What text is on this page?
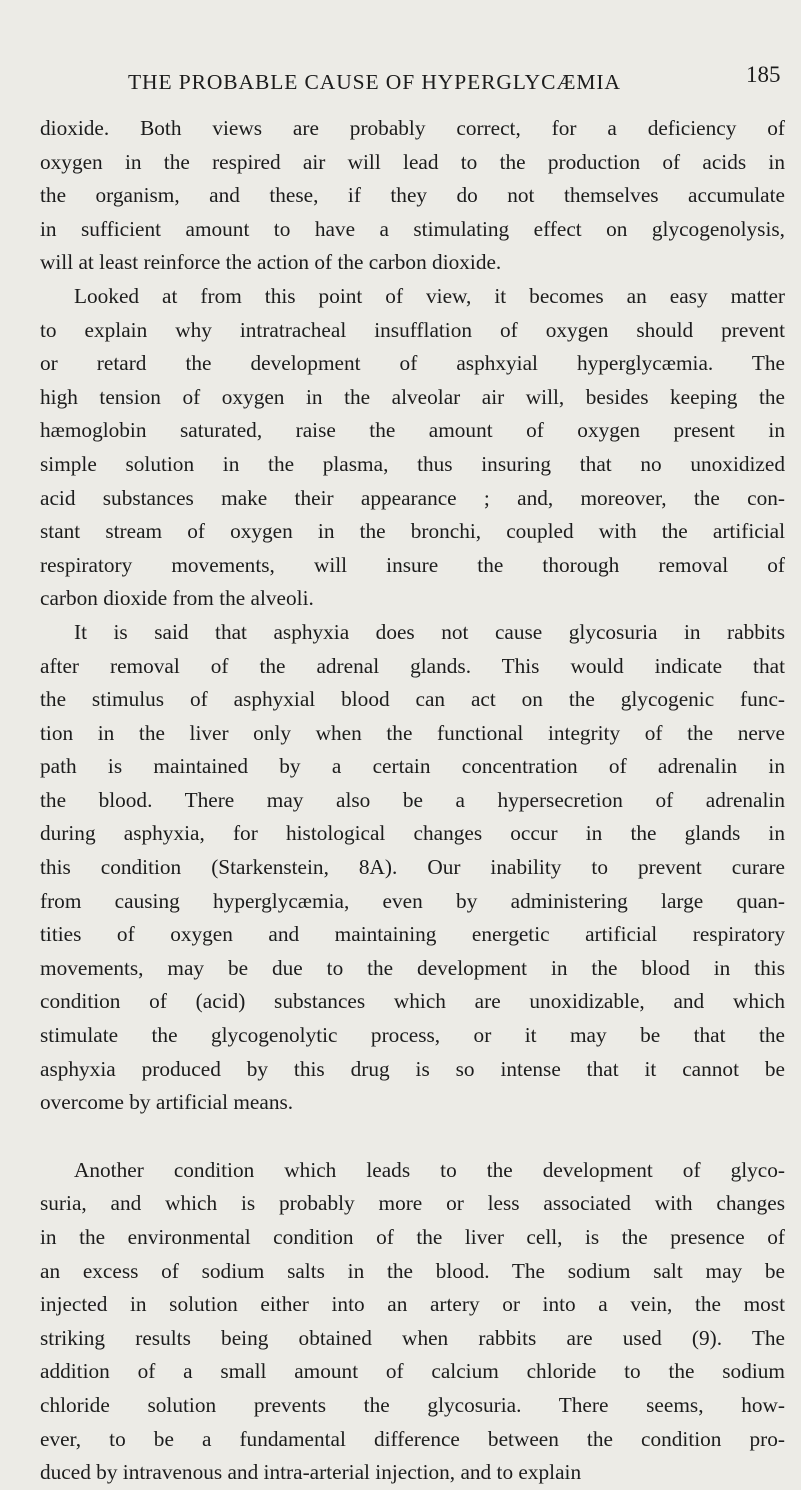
THE PROBABLE CAUSE OF HYPERGLYCÆMIA	185
dioxide. Both views are probably correct, for a deficiency of
oxygen in the respired air will lead to the production of acids in
the organism, and these, if they do not themselves accumulate
in sufficient amount to have a stimulating effect on glycogenolysis,
will at least reinforce the action of the carbon dioxide.
Looked at from this point of view, it becomes an easy matter
to explain why intratracheal insufflation of oxygen should prevent
or retard the development of asphxyial hyperglycæmia. The
high tension of oxygen in the alveolar air will, besides keeping the
hæmoglobin saturated, raise the amount of oxygen present in
simple solution in the plasma, thus insuring that no unoxidized
acid substances make their appearance ; and, moreover, the con-
stant stream of oxygen in the bronchi, coupled with the artificial
respiratory movements, will insure the thorough removal of
carbon dioxide from the alveoli.
It is said that asphyxia does not cause glycosuria in rabbits
after removal of the adrenal glands. This would indicate that
the stimulus of asphyxial blood can act on the glycogenic func-
tion in the liver only when the functional integrity of the nerve
path is maintained by a certain concentration of adrenalin in
the blood. There may also be a hypersecretion of adrenalin
during asphyxia, for histological changes occur in the glands in
this condition (Starkenstein, 8A). Our inability to prevent curare
from causing hyperglycæmia, even by administering large quan-
tities of oxygen and maintaining energetic artificial respiratory
movements, may be due to the development in the blood in this
condition of (acid) substances which are unoxidizable, and which
stimulate the glycogenolytic process, or it may be that the
asphyxia produced by this drug is so intense that it cannot be
overcome by artificial means.
Another condition which leads to the development of glyco-
suria, and which is probably more or less associated with changes
in the environmental condition of the liver cell, is the presence of
an excess of sodium salts in the blood. The sodium salt may be
injected in solution either into an artery or into a vein, the most
striking results being obtained when rabbits are used (9). The
addition of a small amount of calcium chloride to the sodium
chloride solution prevents the glycosuria. There seems, how-
ever, to be a fundamental difference between the condition pro-
duced by intravenous and intra-arterial injection, and to explain
